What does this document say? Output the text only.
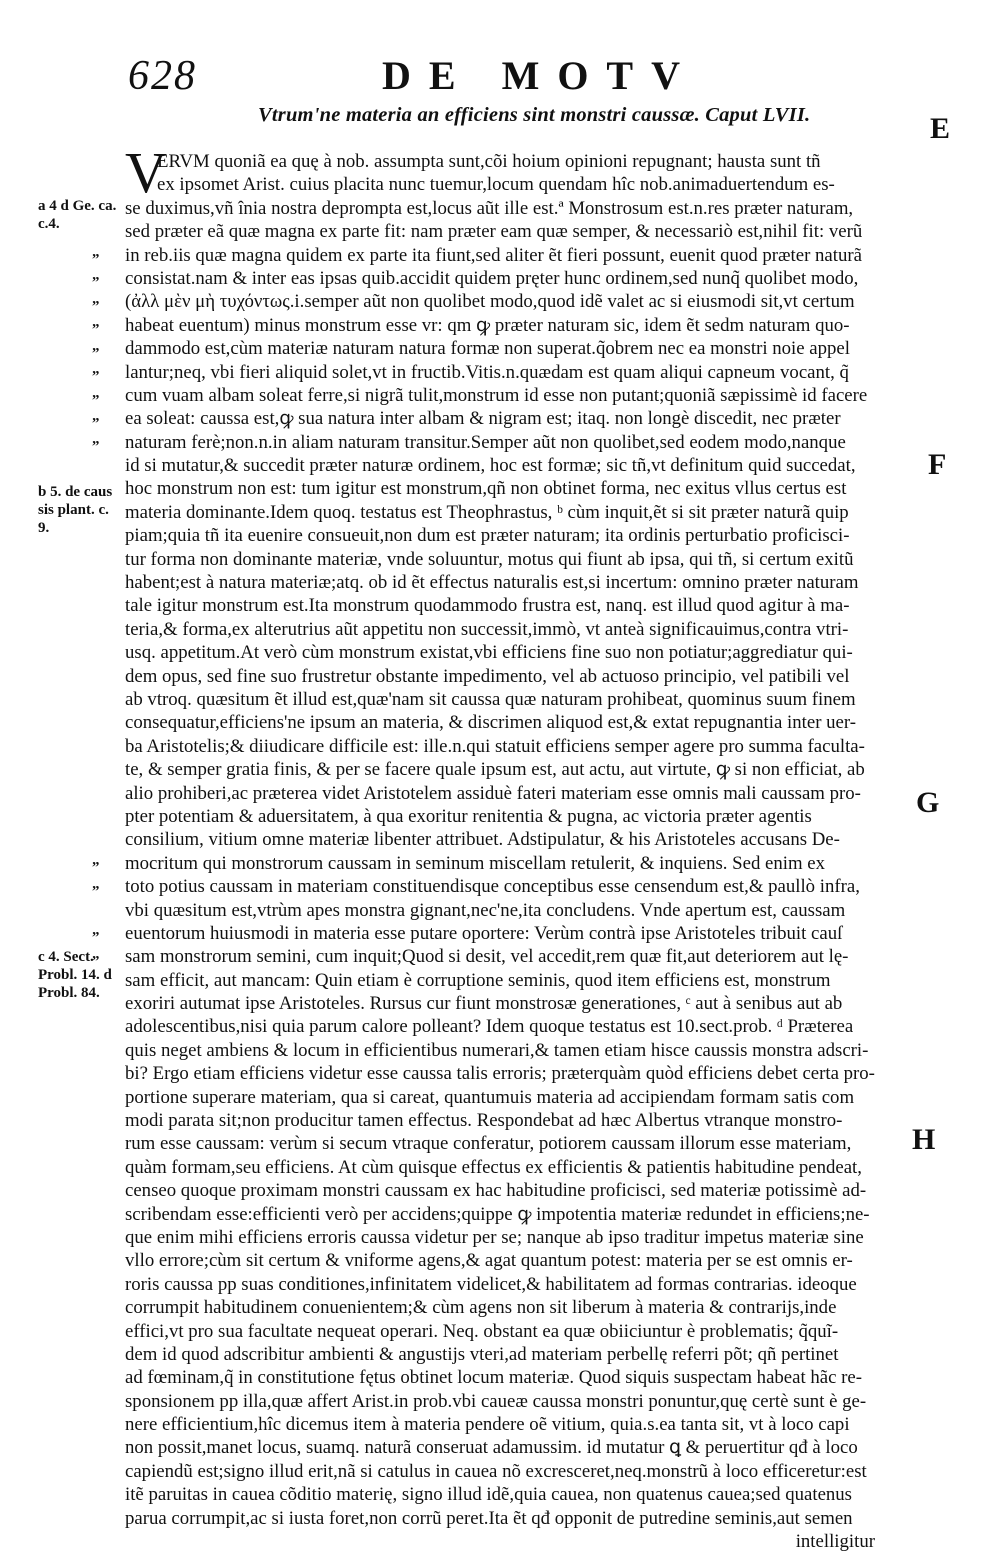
628	DE MOTV
Vtrum'ne materia an efficiens sint monstri caussæ. Caput LVII.	E
F
G
H
a 4 d Ge. ca. c.4.
b 5. de caus sis plant. c. 9.
c 4. Sect. Probl. 14. d Probl. 84.
„
„
„
„
„
„
„
„
„
„
„
„
„
V
ERVM quoniã ea quę à nob. assumpta sunt,cõi hoium opinioni repugnant; hausta sunt tñ
ex ipsomet Arist. cuius placita nunc tuemur,locum quendam hîc nob.animaduertendum es-
se duximus,vñ înia nostra deprompta est,locus aũt ille est.ª Monstrosum est.n.res præter naturam,
sed præter eã quæ magna ex parte fit: nam præter eam quæ semper, & necessariò est,nihil fit: verũ
in reb.iis quæ magna quidem ex parte ita fiunt,sed aliter ẽt fieri possunt, euenit quod præter naturã
consistat.nam & inter eas ipsas quib.accidit quidem pręter hunc ordinem,sed nunq̃ quolibet modo,
(ἀλλ μὲν μὴ τυχόντως.i.semper aũt non quolibet modo,quod idẽ valet ac si eiusmodi sit,vt certum
habeat euentum) minus monstrum esse vr: qm ꝙ præter naturam sic, idem ẽt sedm naturam quo-
dammodo est,cùm materiæ naturam natura formæ non superat.q̃obrem nec ea monstri noie appel
lantur;neq, vbi fieri aliquid solet,vt in fructib.Vitis.n.quædam est quam aliqui capneum vocant, q̃
cum vuam albam soleat ferre,si nigrã tulit,monstrum id esse non putant;quoniã sæpissimè id facere
ea soleat: caussa est,ꝙ sua natura inter albam & nigram est; itaq. non longè discedit, nec præter
naturam ferè;non.n.in aliam naturam transitur.Semper aũt non quolibet,sed eodem modo,nanque
id si mutatur,& succedit præter naturæ ordinem, hoc est formæ; sic tñ,vt definitum quid succedat,
hoc monstrum non est: tum igitur est monstrum,qñ non obtinet forma, nec exitus vllus certus est
materia dominante.Idem quoq. testatus est Theophrastus, ᵇ cùm inquit,ẽt si sit præter naturã quip
piam;quia tñ ita euenire consueuit,non dum est præter naturam; ita ordinis perturbatio proficisci-
tur forma non dominante materiæ, vnde soluuntur, motus qui fiunt ab ipsa, qui tñ, si certum exitũ
habent;est à natura materiæ;atq. ob id ẽt effectus naturalis est,si incertum: omnino præter naturam
tale igitur monstrum est.Ita monstrum quodammodo frustra est, nanq. est illud quod agitur à ma-
teria,& forma,ex alterutrius aũt appetitu non successit,immò, vt anteà significauimus,contra vtri-
usq. appetitum.At verò cùm monstrum existat,vbi efficiens fine suo non potiatur;aggrediatur qui-
dem opus, sed fine suo frustretur obstante impedimento, vel ab actuoso principio, vel patibili vel
ab vtroq. quæsitum ẽt illud est,quæ'nam sit caussa quæ naturam prohibeat, quominus suum finem
consequatur,efficiens'ne ipsum an materia, & discrimen aliquod est,& extat repugnantia inter uer-
ba Aristotelis;& diiudicare difficile est: ille.n.qui statuit efficiens semper agere pro summa faculta-
te, & semper gratia finis, & per se facere quale ipsum est, aut actu, aut virtute, ꝙ si non efficiat, ab
alio prohiberi,ac præterea videt Aristotelem assiduè fateri materiam esse omnis mali caussam pro-
pter potentiam & aduersitatem, à qua exoritur renitentia & pugna, ac victoria præter agentis
consilium, vitium omne materiæ libenter attribuet. Adstipulatur, & his Aristoteles accusans De-
mocritum qui monstrorum caussam in seminum miscellam retulerit, & inquiens. Sed enim ex
toto potius caussam in materiam constituendisque conceptibus esse censendum est,& paullò infra,
vbi quæsitum est,vtrùm apes monstra gignant,nec'ne,ita concludens. Vnde apertum est, caussam
euentorum huiusmodi in materia esse putare oportere: Verùm contrà ipse Aristoteles tribuit cauſ
sam monstrorum semini, cum inquit;Quod si desit, vel accedit,rem quæ fit,aut deteriorem aut lę-
sam efficit, aut mancam: Quin etiam è corruptione seminis, quod item efficiens est, monstrum
exoriri autumat ipse Aristoteles. Rursus cur fiunt monstrosæ generationes, ᶜ aut à senibus aut ab
adolescentibus,nisi quia parum calore polleant? Idem quoque testatus est 10.sect.prob. ᵈ Præterea
quis neget ambiens & locum in efficientibus numerari,& tamen etiam hisce caussis monstra adscri-
bi? Ergo etiam efficiens videtur esse caussa talis erroris; præterquàm quòd efficiens debet certa pro-
portione superare materiam, qua si careat, quantumuis materia ad accipiendam formam satis com
modi parata sit;non producitur tamen effectus. Respondebat ad hæc Albertus vtranque monstro-
rum esse caussam: verùm si secum vtraque conferatur, potiorem caussam illorum esse materiam,
quàm formam,seu efficiens. At cùm quisque effectus ex efficientis & patientis habitudine pendeat,
censeo quoque proximam monstri caussam ex hac habitudine proficisci, sed materiæ potissimè ad-
scribendam esse:efficienti verò per accidens;quippe ꝙ impotentia materiæ redundet in efficiens;ne-
que enim mihi efficiens erroris caussa videtur per se; nanque ab ipso traditur impetus materiæ sine
vllo errore;cùm sit certum & vniforme agens,& agat quantum potest: materia per se est omnis er-
roris caussa pp suas conditiones,infinitatem videlicet,& habilitatem ad formas contrarias. ideoque
corrumpit habitudinem conuenientem;& cùm agens non sit liberum à materia & contrarijs,inde
effici,vt pro sua facultate nequeat operari. Neq. obstant ea quæ obiiciuntur è problematis; q̃quĩ-
dem id quod adscribitur ambienti & angustijs vteri,ad materiam perbellę referri põt; qñ pertinet
ad fœminam,q̃ in constitutione fętus obtinet locum materiæ. Quod siquis suspectam habeat hãc re-
sponsionem pp illa,quæ affert Arist.in prob.vbi caueæ caussa monstri ponuntur,quę certè sunt è ge-
nere efficientium,hîc dicemus item à materia pendere oẽ vitium, quia.s.ea tanta sit, vt à loco capi
non possit,manet locus, suamq. naturã conseruat adamussim. id mutatur ꝗ & peruertitur qđ à loco
capiendũ est;signo illud erit,nã si catulus in cauea nõ excresceret,neq.monstrũ à loco efficeretur:est
itẽ paruitas in cauea cõditio materię, signo illud idẽ,quia cauea, non quatenus cauea;sed quatenus
parua corrumpit,ac si iusta foret,non corrũ peret.Ita ẽt qđ opponit de putredine seminis,aut semen
intelligitur
